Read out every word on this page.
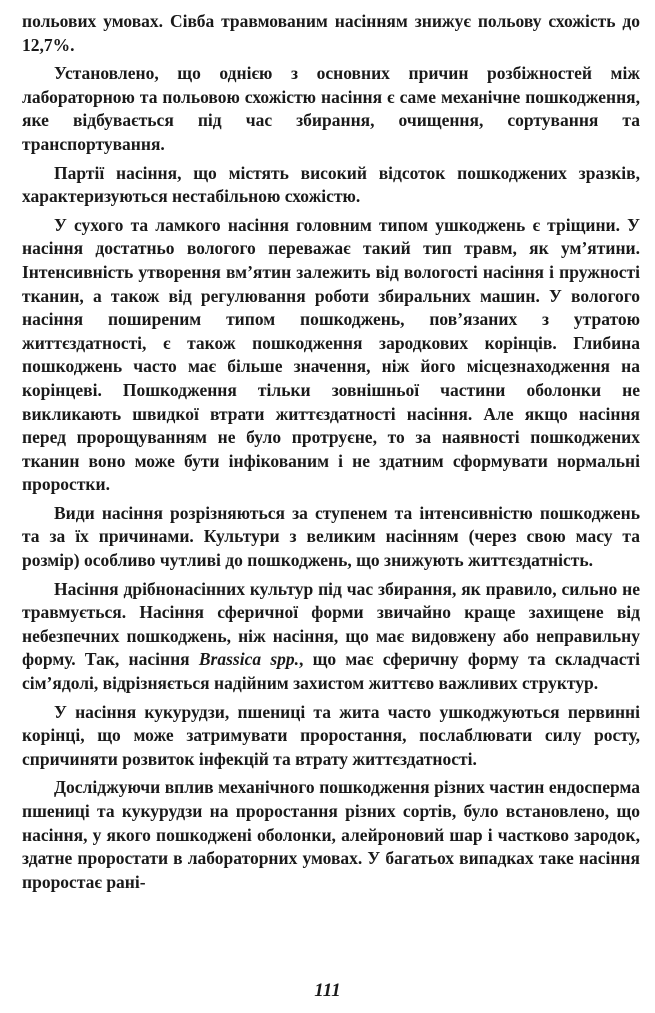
польових умовах. Сівба травмованим насінням знижує польову схожість до 12,7%.

Установлено, що однією з основних причин розбіжностей між лабораторною та польовою схожістю насіння є саме механічне пошкодження, яке відбувається під час збирання, очищення, сортування та транспортування.

Партії насіння, що містять високий відсоток пошкоджених зразків, характеризуються нестабільною схожістю.

У сухого та ламкого насіння головним типом ушкоджень є тріщини. У насіння достатньо вологого переважає такий тип травм, як ум’ятини. Інтенсивність утворення вм’ятин залежить від вологості насіння і пружності тканин, а також від регулювання роботи збиральних машин. У вологого насіння поширеним типом пошкоджень, пов’язаних з утратою життєздатності, є також пошкодження зародкових корінців. Глибина пошкоджень часто має більше значення, ніж його місцезнаходження на корінцеві. Пошкодження тільки зовнішньої частини оболонки не викликають швидкої втрати життєздатності насіння. Але якщо насіння перед пророщуванням не було протруєне, то за наявності пошкоджених тканин воно може бути інфікованим і не здатним сформувати нормальні проростки.

Види насіння розрізняються за ступенем та інтенсивністю пошкоджень та за їх причинами. Культури з великим насінням (через свою масу та розмір) особливо чутливі до пошкоджень, що знижують життєздатність.

Насіння дрібнонасінних культур під час збирання, як правило, сильно не травмується. Насіння сферичної форми звичайно краще захищене від небезпечних пошкоджень, ніж насіння, що має видовжену або неправильну форму. Так, насіння Brassica spp., що має сферичну форму та складчасті сім’ядолі, відрізняється надійним захистом життєво важливих структур.

У насіння кукурудзи, пшениці та жита часто ушкоджуються первинні корінці, що може затримувати проростання, послаблювати силу росту, спричиняти розвиток інфекцій та втрату життєздатності.

Досліджуючи вплив механічного пошкодження різних частин ендосперма пшениці та кукурудзи на проростання різних сортів, було встановлено, що насіння, у якого пошкоджені оболонки, алейроновий шар і частково зародок, здатне проростати в лабораторних умовах. У багатьох випадках таке насіння проростає рані-

111
